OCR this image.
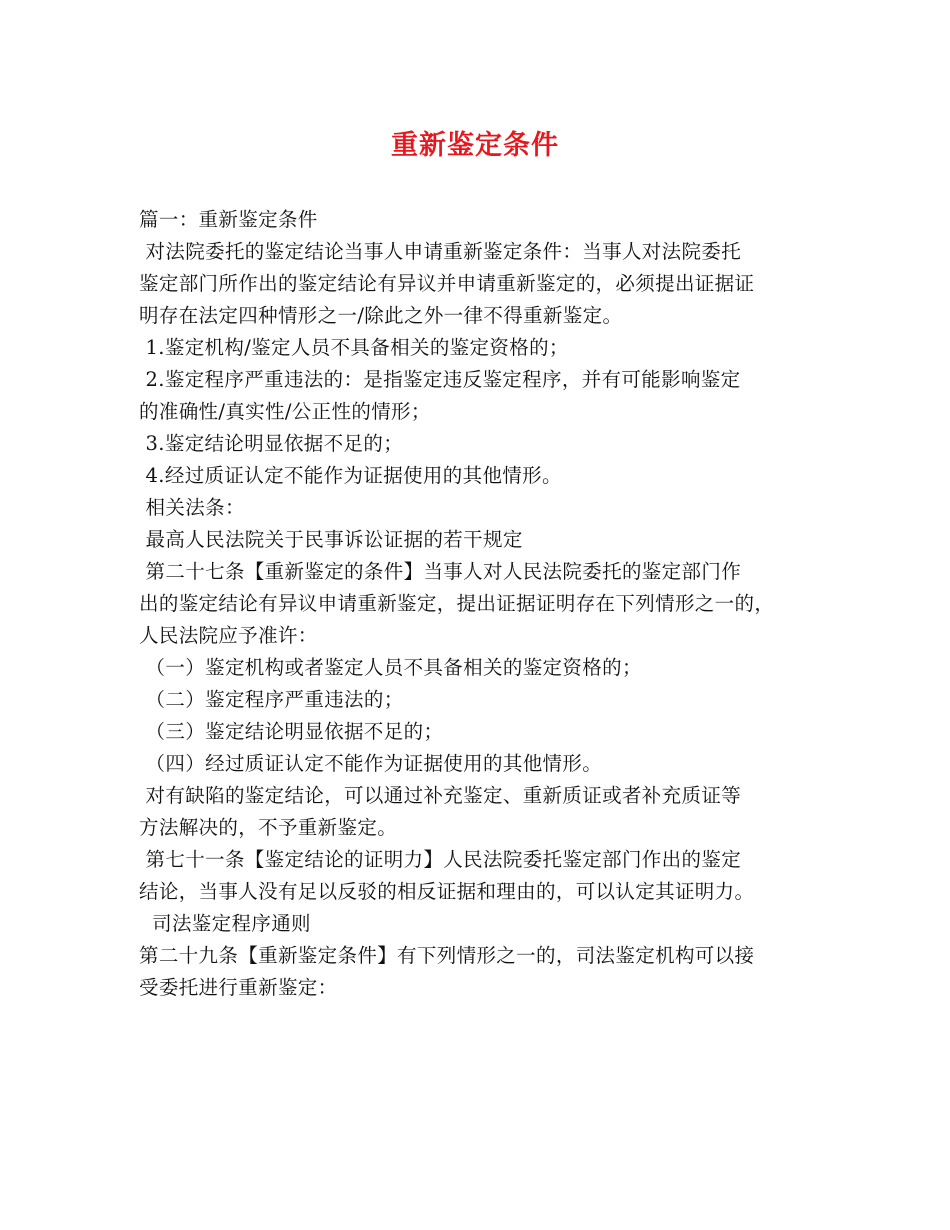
重新鉴定条件
篇一：重新鉴定条件
对法院委托的鉴定结论当事人申请重新鉴定条件：当事人对法院委托
鉴定部门所作出的鉴定结论有异议并申请重新鉴定的，必须提出证据证
明存在法定四种情形之一/除此之外一律不得重新鉴定。
1.鉴定机构/鉴定人员不具备相关的鉴定资格的；
2.鉴定程序严重违法的：是指鉴定违反鉴定程序，并有可能影响鉴定
的准确性/真实性/公正性的情形；
3.鉴定结论明显依据不足的；
4.经过质证认定不能作为证据使用的其他情形。
相关法条：
最高人民法院关于民事诉讼证据的若干规定
第二十七条【重新鉴定的条件】当事人对人民法院委托的鉴定部门作
出的鉴定结论有异议申请重新鉴定，提出证据证明存在下列情形之一的，
人民法院应予准许：
（一）鉴定机构或者鉴定人员不具备相关的鉴定资格的；
（二）鉴定程序严重违法的；
（三）鉴定结论明显依据不足的；
（四）经过质证认定不能作为证据使用的其他情形。
对有缺陷的鉴定结论，可以通过补充鉴定、重新质证或者补充质证等
方法解决的，不予重新鉴定。
第七十一条【鉴定结论的证明力】人民法院委托鉴定部门作出的鉴定
结论，当事人没有足以反驳的相反证据和理由的，可以认定其证明力。
司法鉴定程序通则
第二十九条【重新鉴定条件】有下列情形之一的，司法鉴定机构可以接
受委托进行重新鉴定：
